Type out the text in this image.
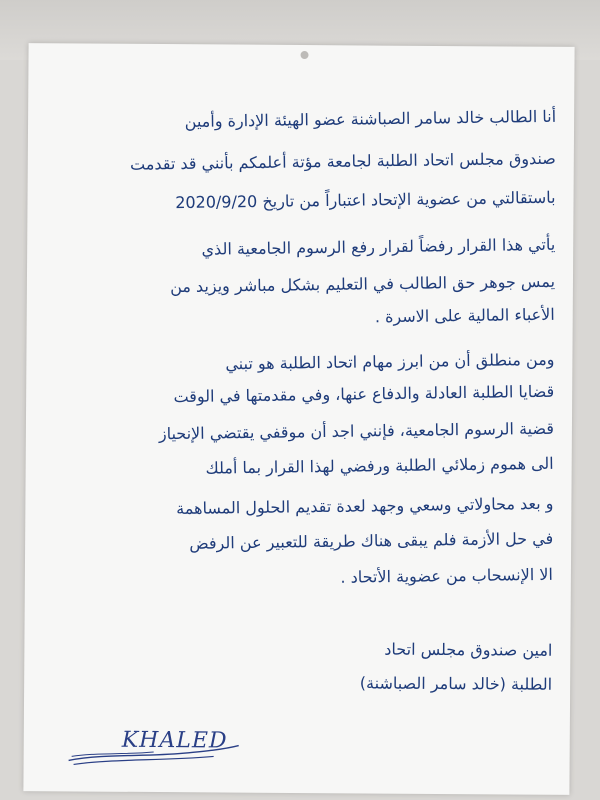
أنا الطالب خالد سامر الصباشنة عضو الهيئة الإدارة وأمين
صندوق مجلس اتحاد الطلبة لجامعة مؤتة أعلمكم بأنني قد تقدمت
باستقالتي من عضوية الإتحاد اعتباراً من تاريخ 2020/9/20
يأتي هذا القرار رفضاً لقرار رفع الرسوم الجامعية الذي
يمس جوهر حق الطالب في التعليم بشكل مباشر ويزيد من
الأعباء المالية على الاسرة .
ومن منطلق أن من ابرز مهام اتحاد الطلبة هو تبني
قضايا الطلبة العادلة والدفاع عنها، وفي مقدمتها في الوقت
قضية الرسوم الجامعية، فإنني اجد أن موقفي يقتضي الإنحياز
الى هموم زملائي الطلبة ورفضي لهذا القرار بما أملك
و بعد محاولاتي وسعي وجهد لعدة تقديم الحلول المساهمة
في حل الأزمة فلم يبقى هناك طريقة للتعبير عن الرفض
الا الإنسحاب من عضوية الأتحاد .
امين صندوق مجلس اتحاد
الطلبة (خالد سامر الصباشنة)
KHALED
